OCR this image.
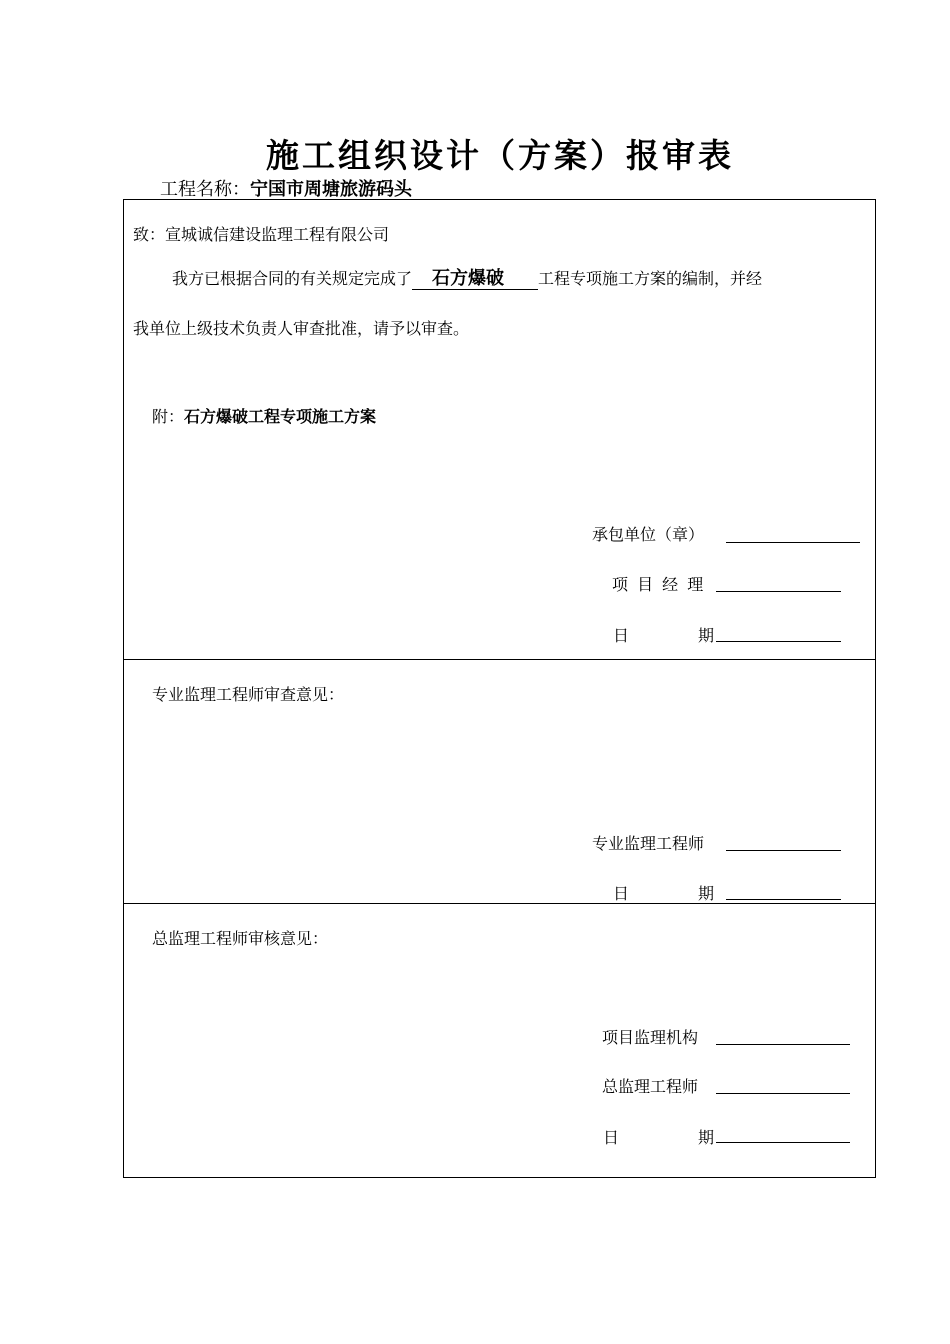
施工组织设计（方案）报审表
工程名称：宁国市周塘旅游码头
致：宣城诚信建设监理工程有限公司
我方已根据合同的有关规定完成了 石方爆破 工程专项施工方案的编制，并经
我单位上级技术负责人审查批准，请予以审查。
附：石方爆破工程专项施工方案
承包单位（章）
项 目 经 理
日	期
专业监理工程师审查意见：
专业监理工程师
日	期
总监理工程师审核意见：
项目监理机构
总监理工程师
日	期
